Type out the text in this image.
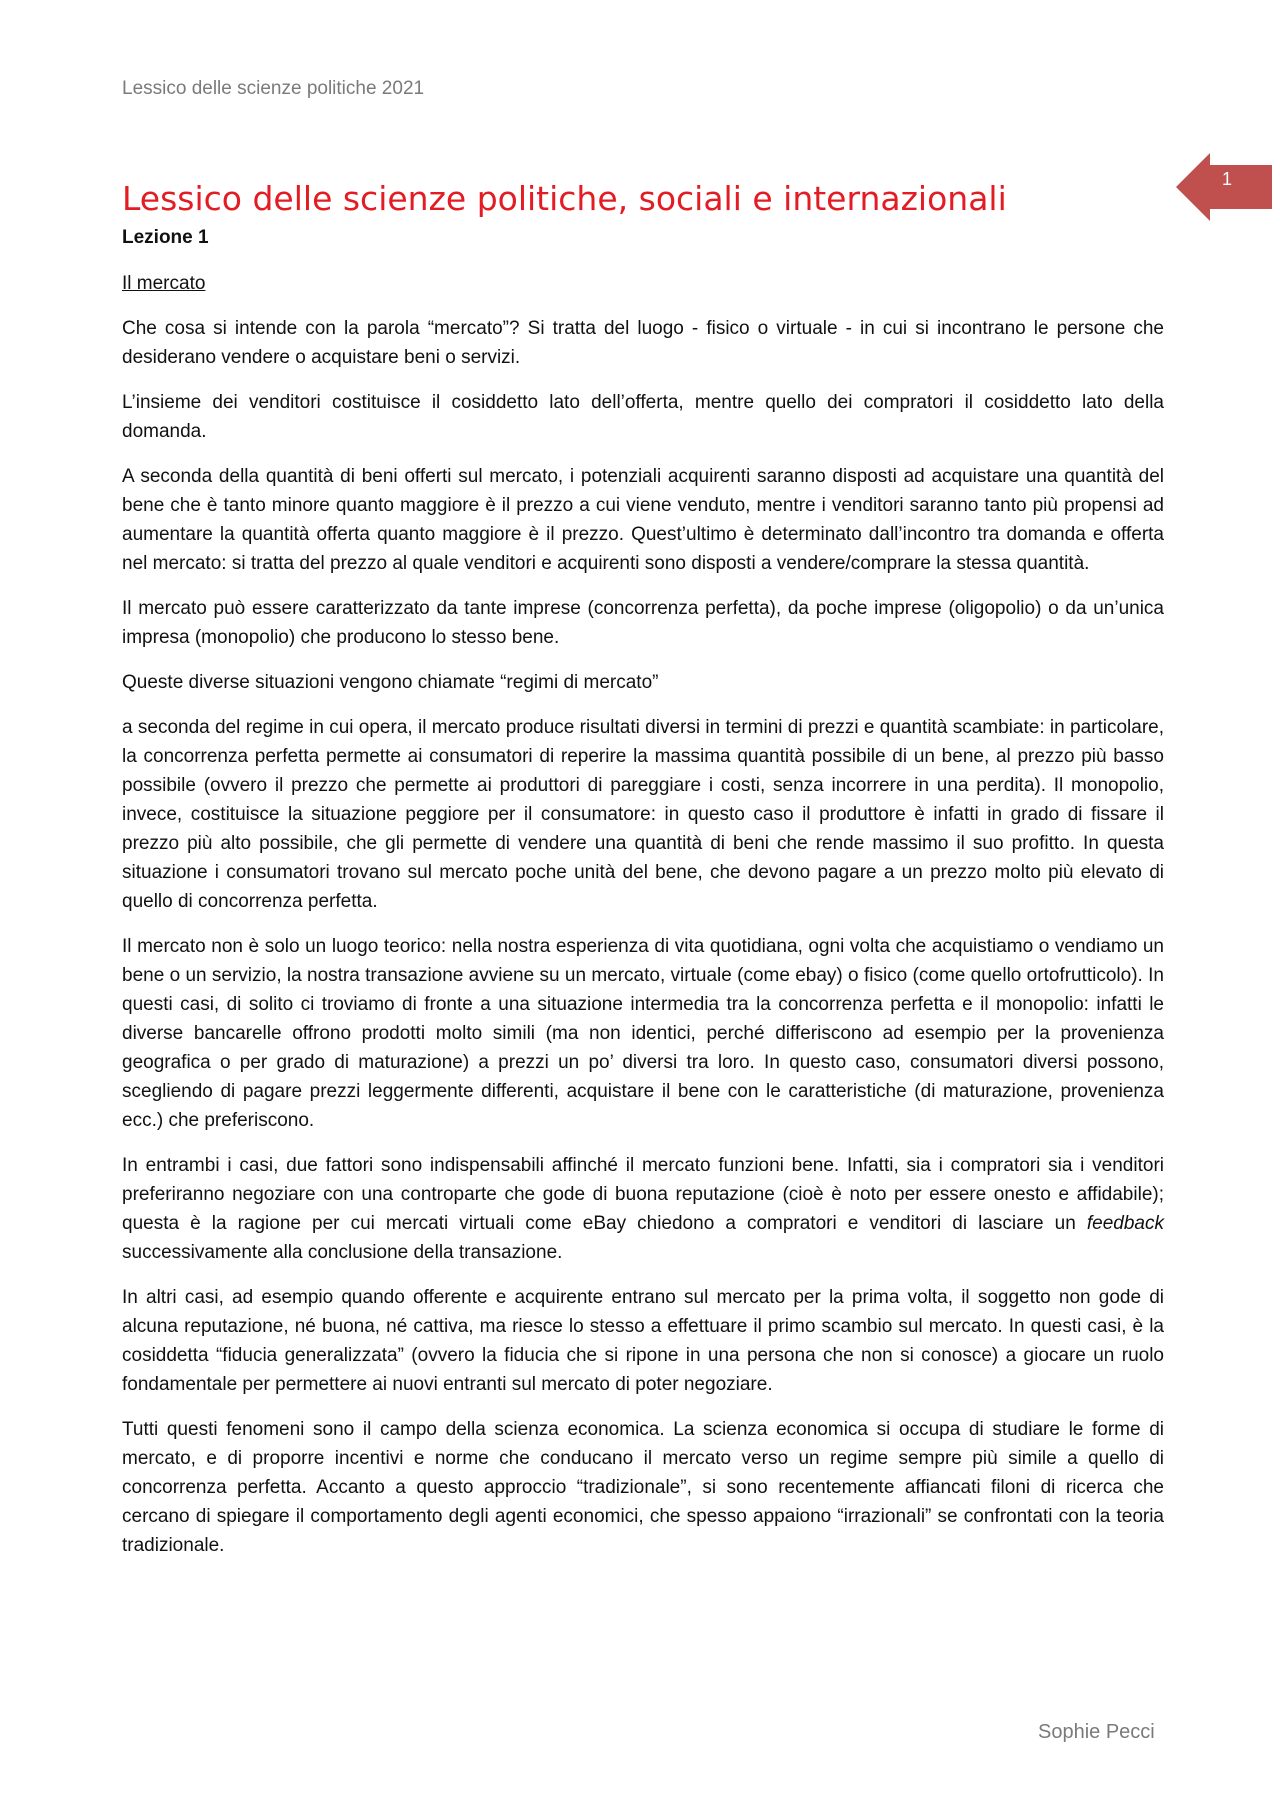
Lessico delle scienze politiche 2021
1
Lessico delle scienze politiche, sociali e internazionali
Lezione 1
Il mercato

Che cosa si intende con la parola “mercato”? Si tratta del luogo - fisico o virtuale - in cui si incontrano le persone che desiderano vendere o acquistare beni o servizi.

L’insieme dei venditori costituisce il cosiddetto lato dell’offerta, mentre quello dei compratori il cosiddetto lato della domanda.

A seconda della quantità di beni offerti sul mercato, i potenziali acquirenti saranno disposti ad acquistare una quantità del bene che è tanto minore quanto maggiore è il prezzo a cui viene venduto, mentre i venditori saranno tanto più propensi ad aumentare la quantità offerta quanto maggiore è il prezzo. Quest’ultimo è determinato dall’incontro tra domanda e offerta nel mercato: si tratta del prezzo al quale venditori e acquirenti sono disposti a vendere/comprare la stessa quantità.

Il mercato può essere caratterizzato da tante imprese (concorrenza perfetta), da poche imprese (oligopolio) o da un’unica impresa (monopolio) che producono lo stesso bene.

Queste diverse situazioni vengono chiamate “regimi di mercato”

a seconda del regime in cui opera, il mercato produce risultati diversi in termini di prezzi e quantità scambiate: in particolare, la concorrenza perfetta permette ai consumatori di reperire la massima quantità possibile di un bene, al prezzo più basso possibile (ovvero il prezzo che permette ai produttori di pareggiare i costi, senza incorrere in una perdita). Il monopolio, invece, costituisce la situazione peggiore per il consumatore: in questo caso il produttore è infatti in grado di fissare il prezzo più alto possibile, che gli permette di vendere una quantità di beni che rende massimo il suo profitto. In questa situazione i consumatori trovano sul mercato poche unità del bene, che devono pagare a un prezzo molto più elevato di quello di concorrenza perfetta.

Il mercato non è solo un luogo teorico: nella nostra esperienza di vita quotidiana, ogni volta che acquistiamo o vendiamo un bene o un servizio, la nostra transazione avviene su un mercato, virtuale (come ebay) o fisico (come quello ortofrutticolo). In questi casi, di solito ci troviamo di fronte a una situazione intermedia tra la concorrenza perfetta e il monopolio: infatti le diverse bancarelle offrono prodotti molto simili (ma non identici, perché differiscono ad esempio per la provenienza geografica o per grado di maturazione) a prezzi un po’ diversi tra loro. In questo caso, consumatori diversi possono, scegliendo di pagare prezzi leggermente differenti, acquistare il bene con le caratteristiche (di maturazione, provenienza ecc.) che preferiscono.

In entrambi i casi, due fattori sono indispensabili affinché il mercato funzioni bene. Infatti, sia i compratori sia i venditori preferiranno negoziare con una controparte che gode di buona reputazione (cioè è noto per essere onesto e affidabile); questa è la ragione per cui mercati virtuali come eBay chiedono a compratori e venditori di lasciare un feedback successivamente alla conclusione della transazione.

In altri casi, ad esempio quando offerente e acquirente entrano sul mercato per la prima volta, il soggetto non gode di alcuna reputazione, né buona, né cattiva, ma riesce lo stesso a effettuare il primo scambio sul mercato. In questi casi, è la cosiddetta “fiducia generalizzata” (ovvero la fiducia che si ripone in una persona che non si conosce) a giocare un ruolo fondamentale per permettere ai nuovi entranti sul mercato di poter negoziare.

Tutti questi fenomeni sono il campo della scienza economica. La scienza economica si occupa di studiare le forme di mercato, e di proporre incentivi e norme che conducano il mercato verso un regime sempre più simile a quello di concorrenza perfetta. Accanto a questo approccio “tradizionale”, si sono recentemente affiancati filoni di ricerca che cercano di spiegare il comportamento degli agenti economici, che spesso appaiono “irrazionali” se confrontati con la teoria tradizionale.

Sophie Pecci
